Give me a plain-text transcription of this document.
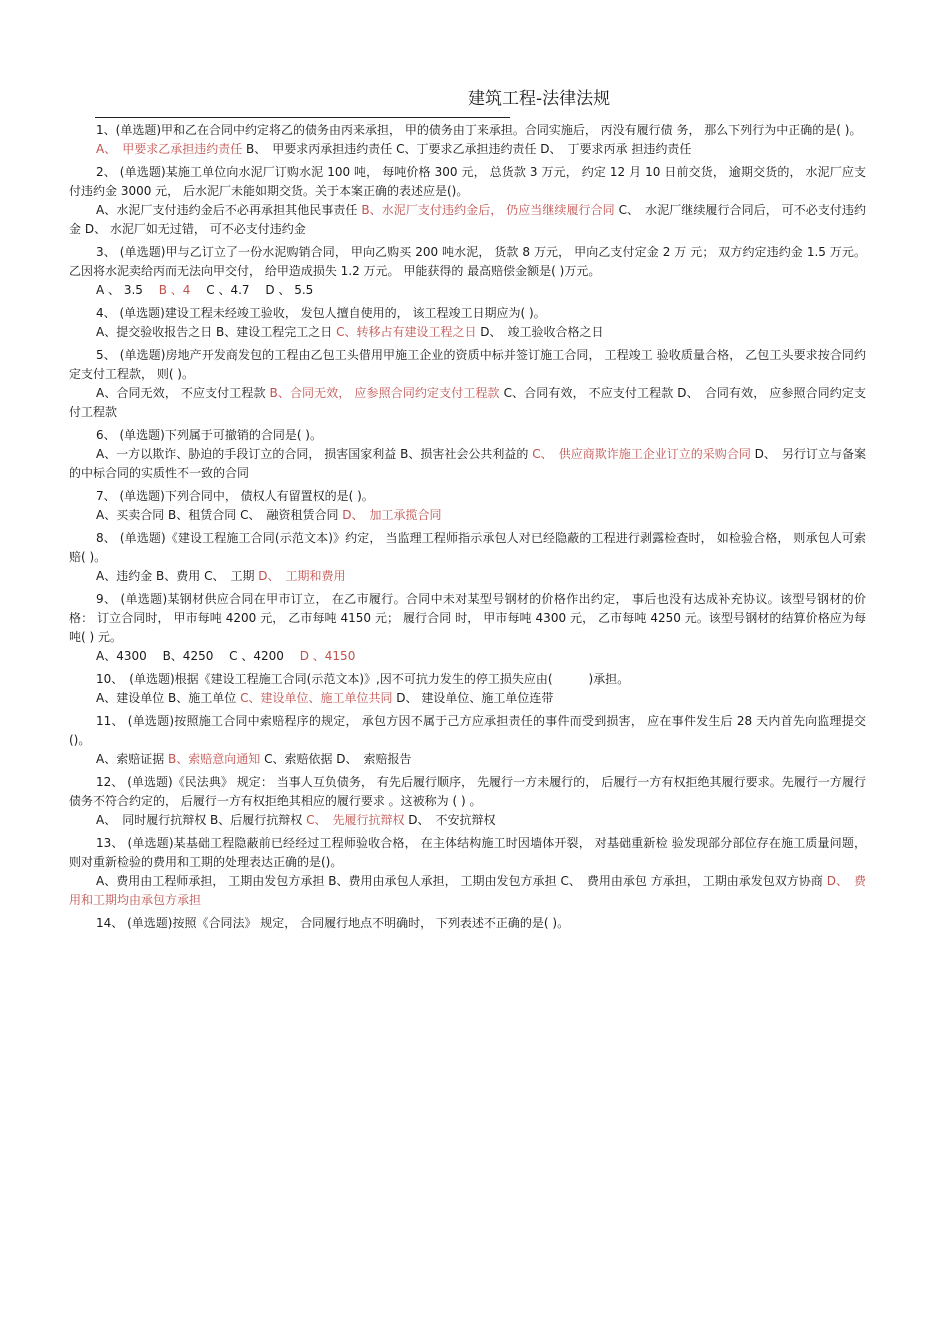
建筑工程-法律法规

1、(单选题)甲和乙在合同中约定将乙的债务由丙来承担， 甲的债务由丁来承担。合同实施后， 丙没有履行债 务， 那么下列行为中正确的是( )。

A、　甲要求乙承担违约责任 B、　甲要求丙承担违约责任 C、丁要求乙承担违约责任 D、　丁要求丙承 担违约责任

2、 (单选题)某施工单位向水泥厂订购水泥 100 吨， 每吨价格 300 元， 总货款 3 万元， 约定 12 月 10 日前交货， 逾期交货的， 水泥厂应支付违约金 3000 元， 后水泥厂未能如期交货。关于本案正确的表述应是()。

A、水泥厂支付违约金后不必再承担其他民事责任 B、水泥厂支付违约金后， 仍应当继续履行合同 C、　水泥厂继续履行合同后， 可不必支付违约金 D、 水泥厂如无过错， 可不必支付违约金

3、 (单选题)甲与乙订立了一份水泥购销合同， 甲向乙购买 200 吨水泥， 货款 8 万元， 甲向乙支付定金 2 万 元； 双方约定违约金 1.5 万元。 乙因将水泥卖给丙而无法向甲交付， 给甲造成损失 1.2 万元。 甲能获得的 最高赔偿金额是( )万元。

A 、 3.5 　B 、4 　C 、4.7 　D 、 5.5

4、 (单选题)建设工程未经竣工验收， 发包人擅自使用的， 该工程竣工日期应为( )。

A、提交验收报告之日 B、建设工程完工之日 C、转移占有建设工程之日 D、　竣工验收合格之日

5、 (单选题)房地产开发商发包的工程由乙包工头借用甲施工企业的资质中标并签订施工合同， 工程竣工 验收质量合格， 乙包工头要求按合同约定支付工程款， 则( )。

A、合同无效， 不应支付工程款 B、合同无效， 应参照合同约定支付工程款 C、合同有效， 不应支付工程款 D、　合同有效， 应参照合同约定支付工程款

6、 (单选题)下列属于可撤销的合同是( )。

A、一方以欺诈、胁迫的手段订立的合同， 损害国家利益 B、损害社会公共利益的 C、　供应商欺诈施工企业订立的采购合同 D、　另行订立与备案的中标合同的实质性不一致的合同

7、 (单选题)下列合同中， 债权人有留置权的是( )。

A、买卖合同 B、租赁合同 C、　融资租赁合同 D、　加工承揽合同

8、 (单选题)《建设工程施工合同(示范文本)》约定， 当监理工程师指示承包人对已经隐蔽的工程进行剥露检查时， 如检验合格， 则承包人可索赔( )。

A、违约金 B、费用 C、　工期 D、　工期和费用

9、 (单选题)某钢材供应合同在甲市订立， 在乙市履行。合同中未对某型号钢材的价格作出约定， 事后也没有达成补充协议。该型号钢材的价格： 订立合同时， 甲市每吨 4200 元， 乙市每吨 4150 元； 履行合同 时， 甲市每吨 4300 元， 乙市每吨 4250 元。该型号钢材的结算价格应为每吨( ) 元。

A、4300 　B、4250 　C 、4200 　D 、4150

10、　(单选题)根据《建设工程施工合同(示范文本)》,因不可抗力发生的停工损失应由(　　　)承担。

A、建设单位 B、施工单位 C、建设单位、施工单位共同 D、 建设单位、施工单位连带

11、 (单选题)按照施工合同中索赔程序的规定， 承包方因不属于己方应承担责任的事件而受到损害， 应在事件发生后 28 天内首先向监理提交()。

A、索赔证据 B、索赔意向通知 C、索赔依据 D、　索赔报告

12、 (单选题)《民法典》 规定： 当事人互负债务， 有先后履行顺序， 先履行一方未履行的， 后履行一方有权拒绝其履行要求。先履行一方履行债务不符合约定的， 后履行一方有权拒绝其相应的履行要求 。这被称为 ( ) 。

A、　同时履行抗辩权 B、后履行抗辩权 C、　先履行抗辩权 D、　不安抗辩权

13、 (单选题)某基础工程隐蔽前已经经过工程师验收合格， 在主体结构施工时因墙体开裂， 对基础重新检 验发现部分部位存在施工质量问题， 则对重新检验的费用和工期的处理表达正确的是()。

A、费用由工程师承担， 工期由发包方承担 B、费用由承包人承担， 工期由发包方承担 C、　费用由承包 方承担， 工期由承发包双方协商 D、　费用和工期均由承包方承担

14、 (单选题)按照《合同法》 规定， 合同履行地点不明确时， 下列表述不正确的是( )。
